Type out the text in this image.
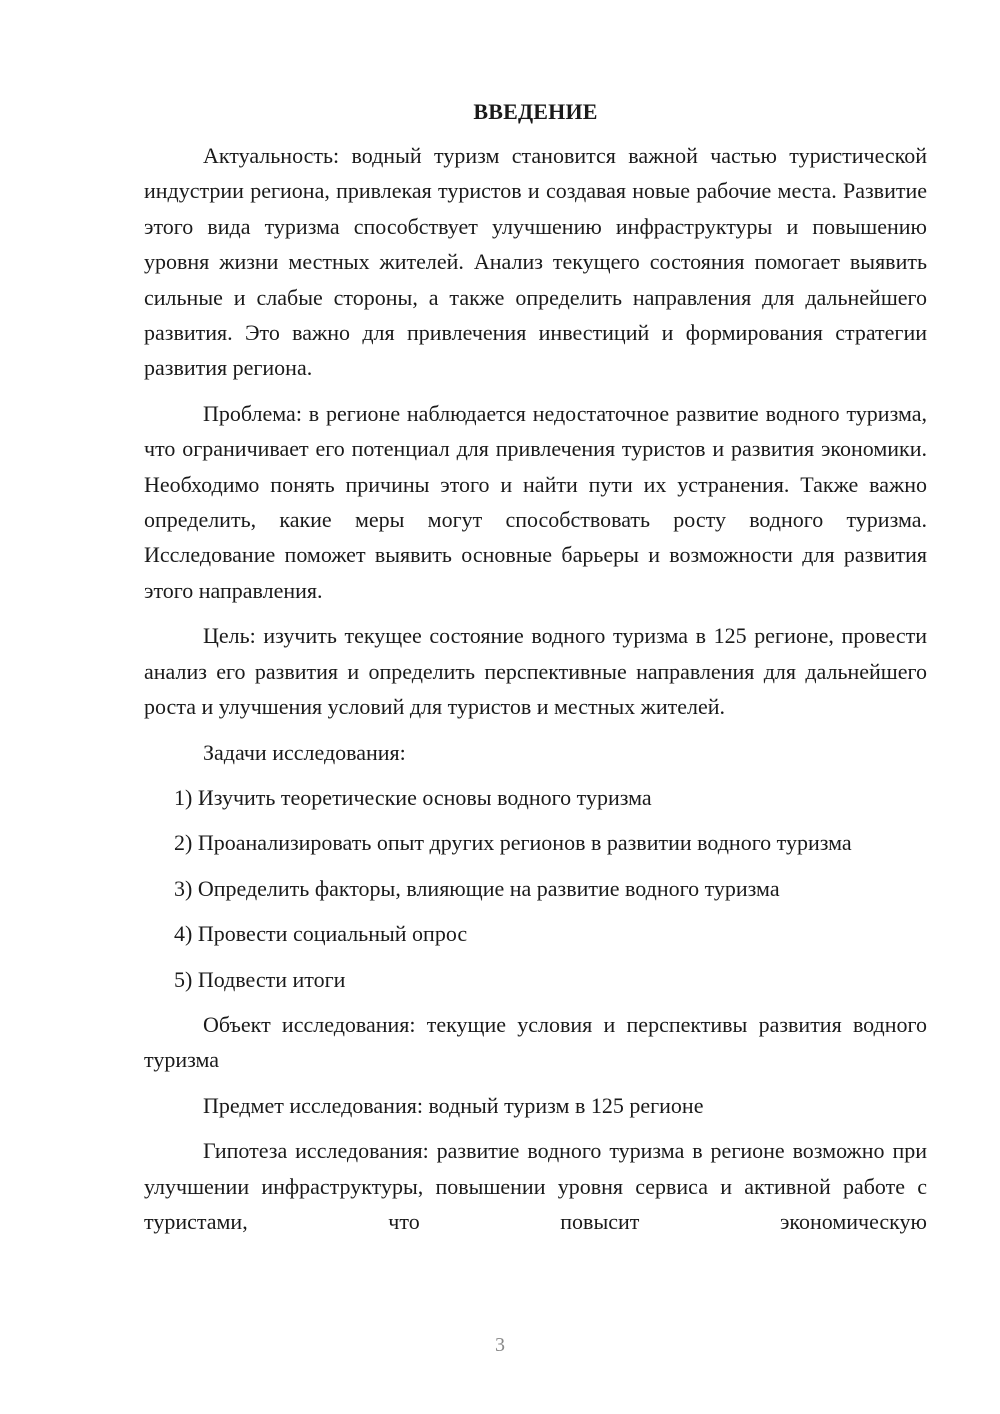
ВВЕДЕНИЕ

Актуальность: водный туризм становится важной частью туристической индустрии региона, привлекая туристов и создавая новые рабочие места. Развитие этого вида туризма способствует улучшению инфраструктуры и повышению уровня жизни местных жителей. Анализ текущего состояния помогает выявить сильные и слабые стороны, а также определить направления для дальнейшего развития. Это важно для привлечения инвестиций и формирования стратегии развития региона.

Проблема: в регионе наблюдается недостаточное развитие водного туризма, что ограничивает его потенциал для привлечения туристов и развития экономики. Необходимо понять причины этого и найти пути их устранения. Также важно определить, какие меры могут способствовать росту водного туризма. Исследование поможет выявить основные барьеры и возможности для развития этого направления.

Цель: изучить текущее состояние водного туризма в 125 регионе, провести анализ его развития и определить перспективные направления для дальнейшего роста и улучшения условий для туристов и местных жителей.

Задачи исследования:

1) Изучить теоретические основы водного туризма

2) Проанализировать опыт других регионов в развитии водного туризма

3) Определить факторы, влияющие на развитие водного туризма

4) Провести социальный опрос

5) Подвести итоги

Объект исследования: текущие условия и перспективы развития водного туризма

Предмет исследования: водный туризм в 125 регионе

Гипотеза исследования: развитие водного туризма в регионе возможно при улучшении инфраструктуры, повышении уровня сервиса и активной работе с туристами, что повысит экономическую

3
